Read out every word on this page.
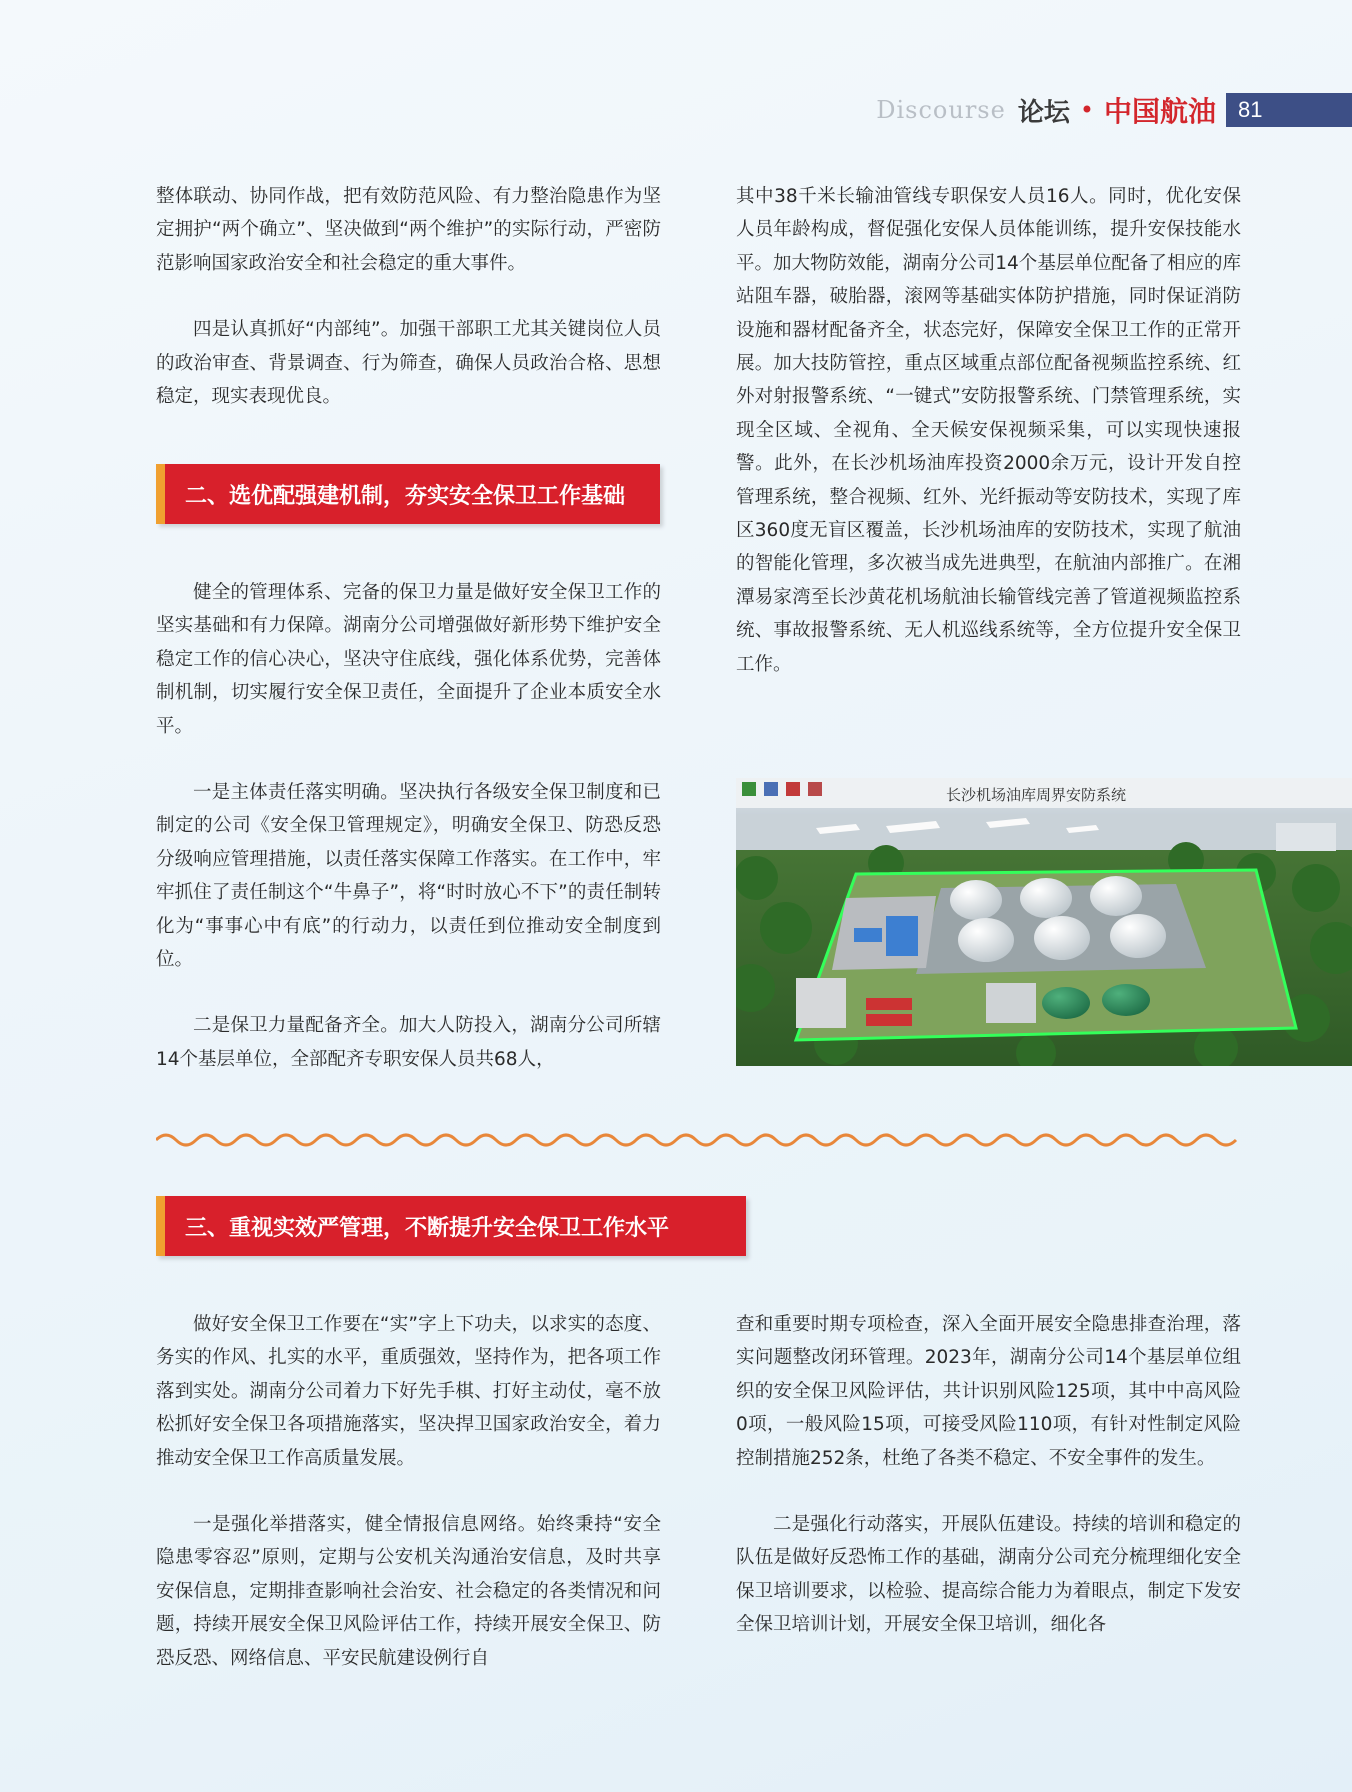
Discourse 论坛 • 中国航油	81

整体联动、协同作战，把有效防范风险、有力整治隐患作为坚定拥护“两个确立”、坚决做到“两个维护”的实际行动，严密防范影响国家政治安全和社会稳定的重大事件。

四是认真抓好“内部纯”。加强干部职工尤其关键岗位人员的政治审查、背景调查、行为筛查，确保人员政治合格、思想稳定，现实表现优良。

二、选优配强建机制，夯实安全保卫工作基础

健全的管理体系、完备的保卫力量是做好安全保卫工作的坚实基础和有力保障。湖南分公司增强做好新形势下维护安全稳定工作的信心决心，坚决守住底线，强化体系优势，完善体制机制，切实履行安全保卫责任，全面提升了企业本质安全水平。

一是主体责任落实明确。坚决执行各级安全保卫制度和已制定的公司《安全保卫管理规定》，明确安全保卫、防恐反恐分级响应管理措施，以责任落实保障工作落实。在工作中，牢牢抓住了责任制这个“牛鼻子”，将“时时放心不下”的责任制转化为“事事心中有底”的行动力，以责任到位推动安全制度到位。

二是保卫力量配备齐全。加大人防投入，湖南分公司所辖14个基层单位，全部配齐专职安保人员共68人，

其中38千米长输油管线专职保安人员16人。同时，优化安保人员年龄构成，督促强化安保人员体能训练，提升安保技能水平。加大物防效能，湖南分公司14个基层单位配备了相应的库站阻车器，破胎器，滚网等基础实体防护措施，同时保证消防设施和器材配备齐全，状态完好，保障安全保卫工作的正常开展。加大技防管控，重点区域重点部位配备视频监控系统、红外对射报警系统、“一键式”安防报警系统、门禁管理系统，实现全区域、全视角、全天候安保视频采集，可以实现快速报警。此外，在长沙机场油库投资2000余万元，设计开发自控管理系统，整合视频、红外、光纤振动等安防技术，实现了库区360度无盲区覆盖，长沙机场油库的安防技术，实现了航油的智能化管理，多次被当成先进典型，在航油内部推广。在湘潭易家湾至长沙黄花机场航油长输管线完善了管道视频监控系统、事故报警系统、无人机巡线系统等，全方位提升安全保卫工作。

长沙机场油库周界安防系统
三、重视实效严管理，不断提升安全保卫工作水平

做好安全保卫工作要在“实”字上下功夫，以求实的态度、务实的作风、扎实的水平，重质强效，坚持作为，把各项工作落到实处。湖南分公司着力下好先手棋、打好主动仗，毫不放松抓好安全保卫各项措施落实，坚决捍卫国家政治安全，着力推动安全保卫工作高质量发展。

一是强化举措落实，健全情报信息网络。始终秉持“安全隐患零容忍”原则，定期与公安机关沟通治安信息，及时共享安保信息，定期排查影响社会治安、社会稳定的各类情况和问题，持续开展安全保卫风险评估工作，持续开展安全保卫、防恐反恐、网络信息、平安民航建设例行自

查和重要时期专项检查，深入全面开展安全隐患排查治理，落实问题整改闭环管理。2023年，湖南分公司14个基层单位组织的安全保卫风险评估，共计识别风险125项，其中中高风险0项，一般风险15项，可接受风险110项，有针对性制定风险控制措施252条，杜绝了各类不稳定、不安全事件的发生。

二是强化行动落实，开展队伍建设。持续的培训和稳定的队伍是做好反恐怖工作的基础，湖南分公司充分梳理细化安全保卫培训要求，以检验、提高综合能力为着眼点，制定下发安全保卫培训计划，开展安全保卫培训，细化各
